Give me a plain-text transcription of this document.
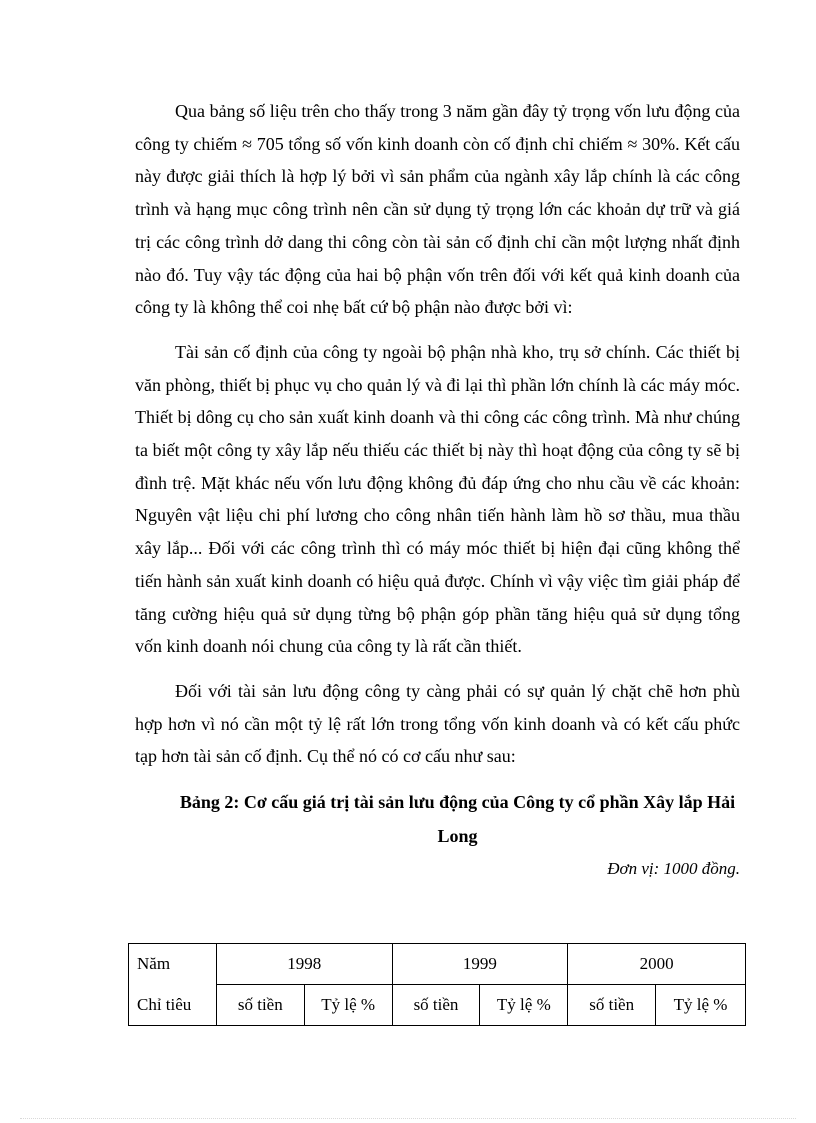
Qua bảng số liệu trên cho thấy trong 3 năm gần đây tỷ trọng vốn lưu động của công ty chiếm ≈ 705 tổng số vốn kinh doanh còn cố định chỉ chiếm ≈ 30%. Kết cấu này được giải thích là hợp lý bởi vì sản phẩm của ngành xây lắp chính là các công trình và hạng mục công trình nên cần sử dụng tỷ trọng lớn các khoản dự trữ và giá trị các công trình dở dang thi công còn tài sản cố định chỉ cần một lượng nhất định nào đó. Tuy vậy tác động của hai bộ phận vốn trên đối với kết quả kinh doanh của công ty là không thể coi nhẹ bất cứ bộ phận nào được bởi vì:

Tài sản cố định của công ty ngoài bộ phận nhà kho, trụ sở chính. Các thiết bị văn phòng, thiết bị phục vụ cho quản lý và đi lại thì phần lớn chính là các máy móc. Thiết bị dông cụ cho sản xuất kinh doanh và thi công các công trình. Mà như chúng ta biết một công ty xây lắp nếu thiếu các thiết bị này thì hoạt động của công ty sẽ bị đình trệ. Mặt khác nếu vốn lưu động không đủ đáp ứng cho nhu cầu về các khoản: Nguyên vật liệu chi phí lương cho công nhân tiến hành làm hồ sơ thầu, mua thầu xây lắp... Đối với các công trình thì có máy móc thiết bị hiện đại cũng không thể tiến hành sản xuất kinh doanh có hiệu quả được. Chính vì vậy việc tìm giải pháp để tăng cường hiệu quả sử dụng từng bộ phận góp phần tăng hiệu quả sử dụng tổng vốn kinh doanh nói chung của công ty là rất cần thiết.

Đối với tài sản lưu động công ty càng phải có sự quản lý chặt chẽ hơn phù hợp hơn vì nó cần một tỷ lệ rất lớn trong tổng vốn kinh doanh và có kết cấu phức tạp hơn tài sản cố định. Cụ thể nó có cơ cấu như sau:

Bảng 2: Cơ cấu giá trị tài sản lưu động của Công ty cổ phần Xây lắp Hải Long
Đơn vị: 1000 đồng.
Năm	1998		1999		2000	
Chỉ tiêu	số tiền	Tỷ lệ %	số tiền	Tỷ lệ %	số tiền	Tỷ lệ %
